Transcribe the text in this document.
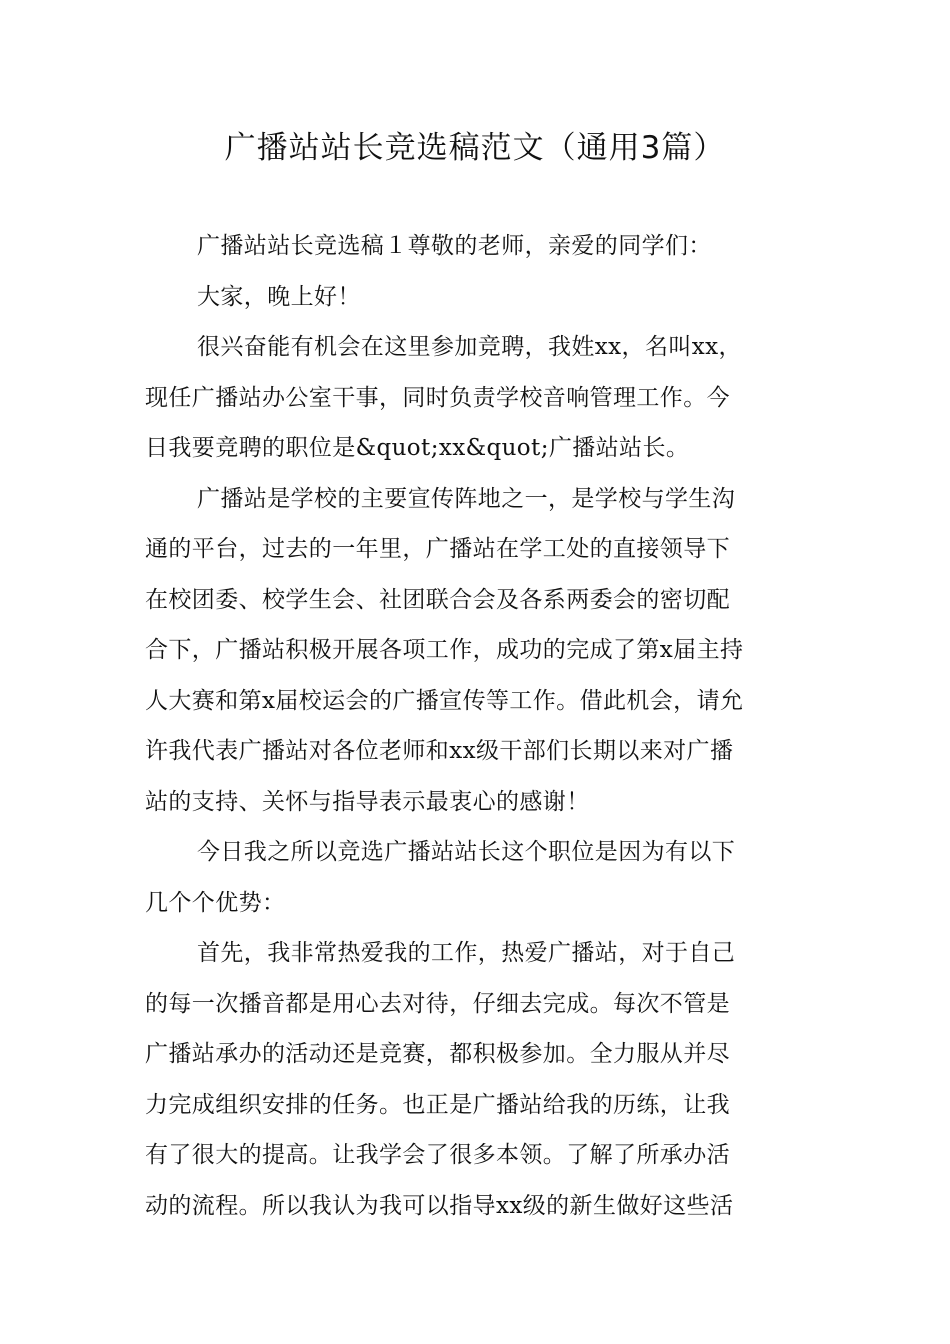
广播站站长竞选稿范文（通用3篇）
广播站站长竞选稿１尊敬的老师，亲爱的同学们：
大家，晚上好！
很兴奋能有机会在这里参加竞聘，我姓xx，名叫xx，
现任广播站办公室干事，同时负责学校音响管理工作。今
日我要竞聘的职位是&quot;xx&quot;广播站站长。
广播站是学校的主要宣传阵地之一，是学校与学生沟
通的平台，过去的一年里，广播站在学工处的直接领导下
在校团委、校学生会、社团联合会及各系两委会的密切配
合下，广播站积极开展各项工作，成功的完成了第x届主持
人大赛和第x届校运会的广播宣传等工作。借此机会，请允
许我代表广播站对各位老师和xx级干部们长期以来对广播
站的支持、关怀与指导表示最衷心的感谢！
今日我之所以竞选广播站站长这个职位是因为有以下
几个个优势：
首先，我非常热爱我的工作，热爱广播站，对于自己
的每一次播音都是用心去对待，仔细去完成。每次不管是
广播站承办的活动还是竞赛，都积极参加。全力服从并尽
力完成组织安排的任务。也正是广播站给我的历练，让我
有了很大的提高。让我学会了很多本领。了解了所承办活
动的流程。所以我认为我可以指导xx级的新生做好这些活
